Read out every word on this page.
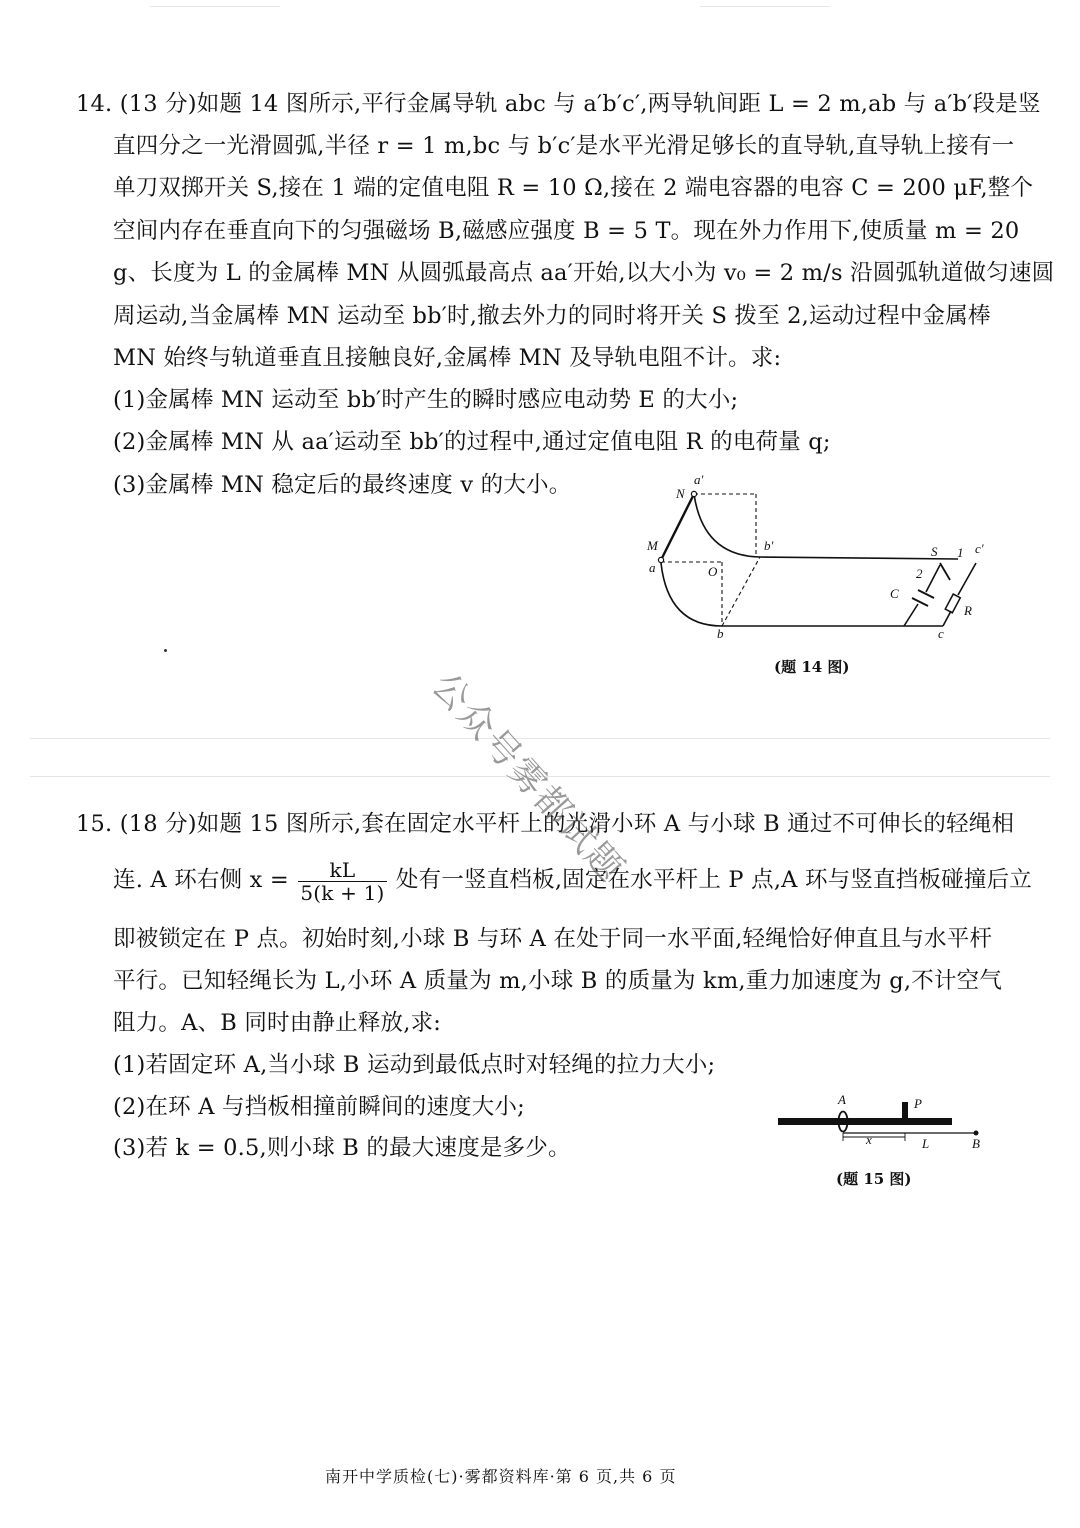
14. (13 分)如题 14 图所示,平行金属导轨 abc 与 a′b′c′,两导轨间距 L = 2 m,ab 与 a′b′段是竖
直四分之一光滑圆弧,半径 r = 1 m,bc 与 b′c′是水平光滑足够长的直导轨,直导轨上接有一
单刀双掷开关 S,接在 1 端的定值电阻 R = 10 Ω,接在 2 端电容器的电容 C = 200 μF,整个
空间内存在垂直向下的匀强磁场 B,磁感应强度 B = 5 T。现在外力作用下,使质量 m = 20
g、长度为 L 的金属棒 MN 从圆弧最高点 aa′开始,以大小为 v₀ = 2 m/s 沿圆弧轨道做匀速圆
周运动,当金属棒 MN 运动至 bb′时,撤去外力的同时将开关 S 拨至 2,运动过程中金属棒
MN 始终与轨道垂直且接触良好,金属棒 MN 及导轨电阻不计。求:
(1)金属棒 MN 运动至 bb′时产生的瞬时感应电动势 E 的大小;
(2)金属棒 MN 从 aa′运动至 bb′的过程中,通过定值电阻 R 的电荷量 q;
(3)金属棒 MN 稳定后的最终速度 v 的大小。	a′
N
M
a	O
b′
b
S 1 c′
2
C
R
c
(题 14 图)
15. (18 分)如题 15 图所示,套在固定水平杆上的光滑小环 A 与小球 B 通过不可伸长的轻绳相
连. A 环右侧 $x = \frac{kL}{5(k + 1)}$ 处有一竖直档板,固定在水平杆上 P 点,A 环与竖直挡板碰撞后立
即被锁定在 P 点。初始时刻,小球 B 与环 A 在处于同一水平面,轻绳恰好伸直且与水平杆
平行。已知轻绳长为 L,小环 A 质量为 m,小球 B 的质量为 km,重力加速度为 g,不计空气
阻力。A、B 同时由静止释放,求:
(1)若固定环 A,当小球 B 运动到最低点时对轻绳的拉力大小;
(2)在环 A 与挡板相撞前瞬间的速度大小;
(3)若 k = 0.5,则小球 B 的最大速度是多少。
A	P
x	L	B
(题 15 图)
公众号雾都试题
南开中学质检(七)·雾都资料库·第 6 页,共 6 页
